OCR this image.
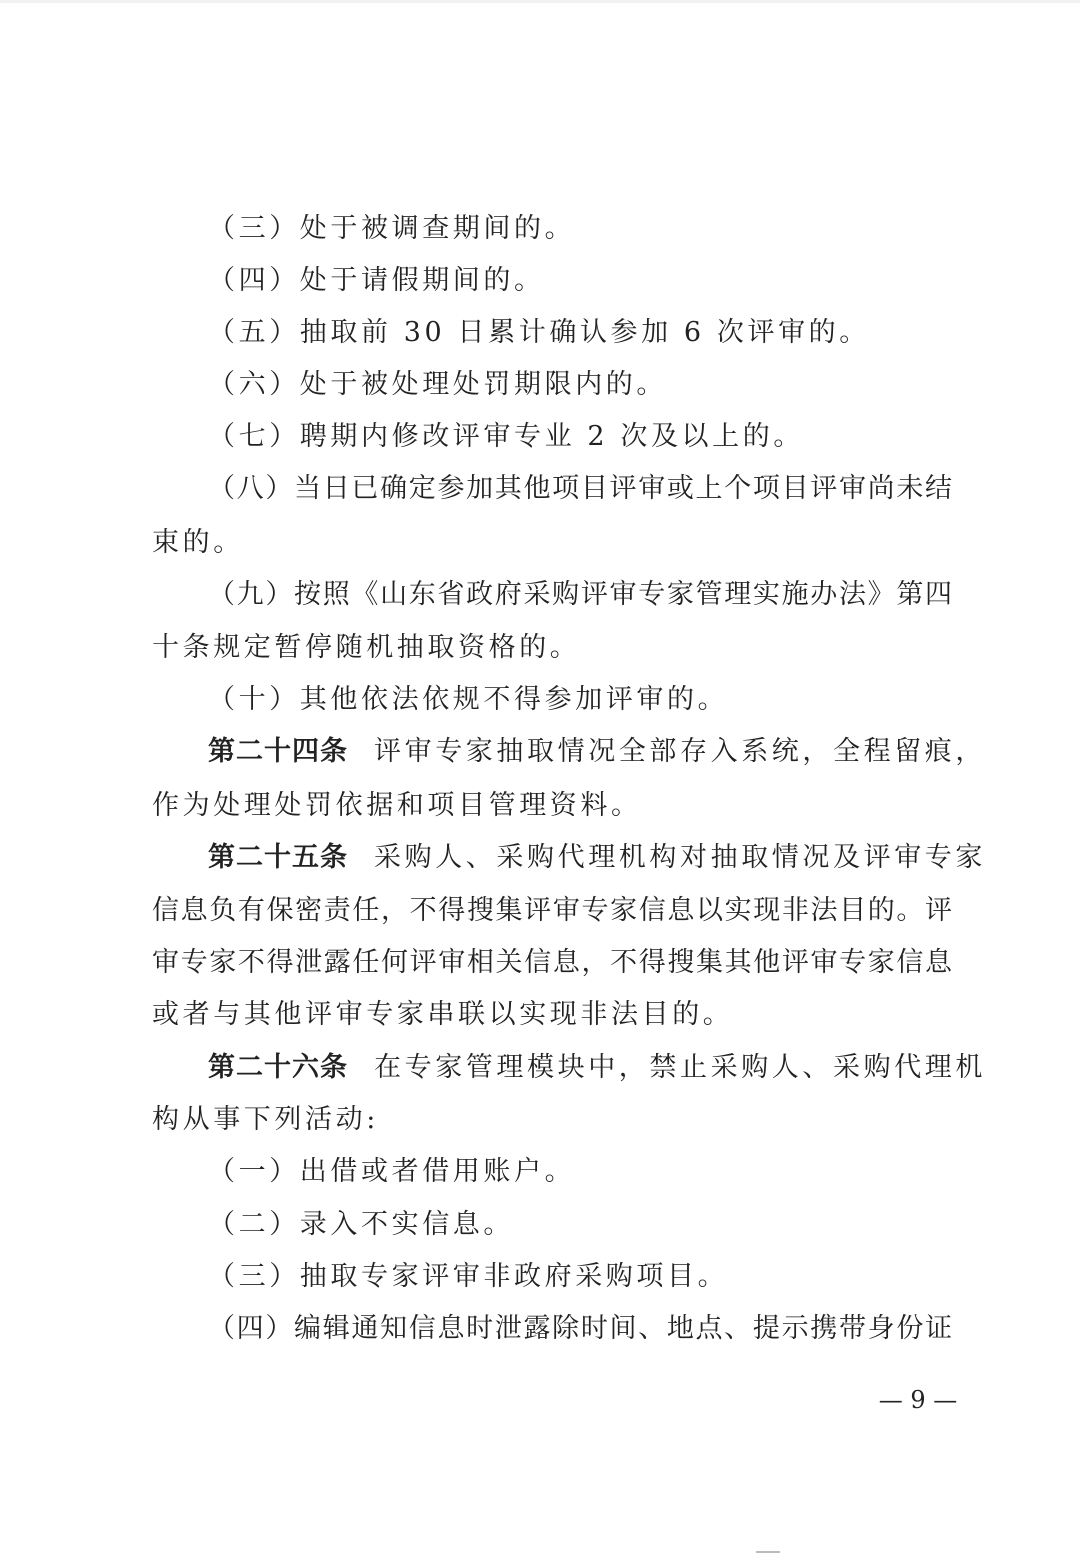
（三）处于被调查期间的。
（四）处于请假期间的。
（五）抽取前 30 日累计确认参加 6 次评审的。
（六）处于被处理处罚期限内的。
（七）聘期内修改评审专业 2 次及以上的。
（八）当日已确定参加其他项目评审或上个项目评审尚未结
束的。
（九）按照《山东省政府采购评审专家管理实施办法》第四
十条规定暂停随机抽取资格的。
（十）其他依法依规不得参加评审的。
第二十四条 评审专家抽取情况全部存入系统，全程留痕，
作为处理处罚依据和项目管理资料。
第二十五条 采购人、采购代理机构对抽取情况及评审专家
信息负有保密责任，不得搜集评审专家信息以实现非法目的。评
审专家不得泄露任何评审相关信息，不得搜集其他评审专家信息
或者与其他评审专家串联以实现非法目的。
第二十六条 在专家管理模块中，禁止采购人、采购代理机
构从事下列活动:
（一）出借或者借用账户。
（二）录入不实信息。
（三）抽取专家评审非政府采购项目。
（四）编辑通知信息时泄露除时间、地点、提示携带身份证
— 9 —
